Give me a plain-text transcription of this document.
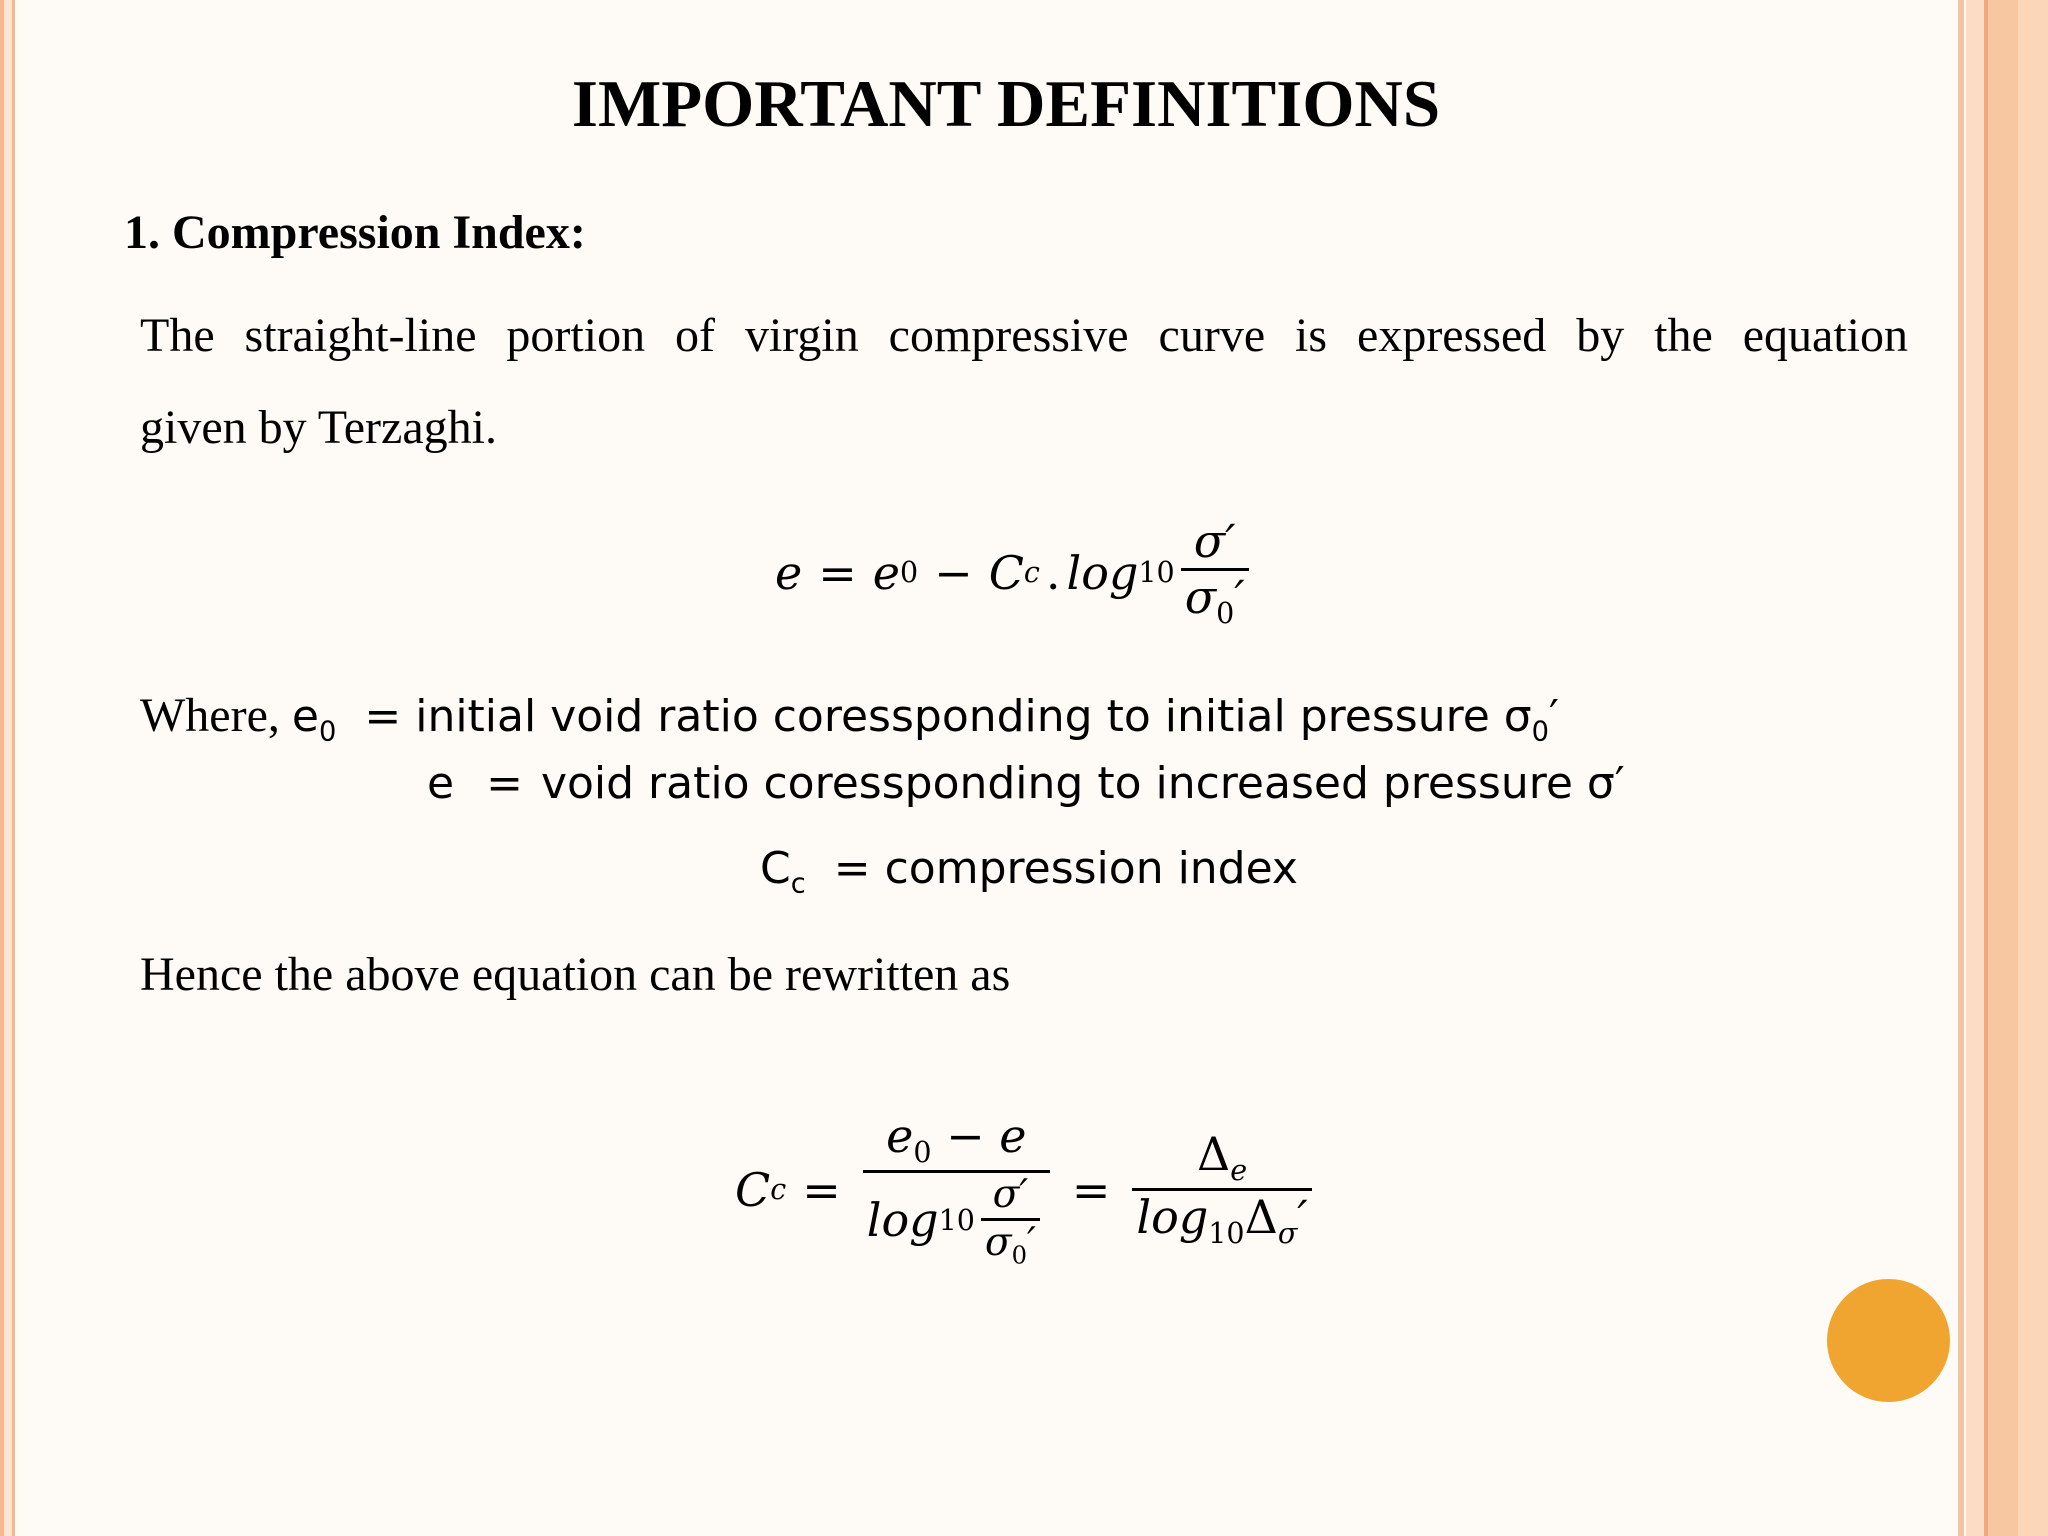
IMPORTANT DEFINITIONS
1. Compression Index:
The straight-line portion of virgin compressive curve is expressed by the equation
given by Terzaghi.
e = e 0 − C c . $\log 10 \frac{\sigma'}{\sigma_0'}$
Where, $e_0$ = initial void ratio coressponding to initial pressure $\sigma_0'$
e = void ratio coressponding to increased pressure σ′
$C_c$ = compression index
Hence the above equation can be rewritten as
C $c = \frac{e_0 - e}{\log 10 \frac{\sigma'}{\sigma_0'}} = \frac{\Delta_e}{\log_{10}\Delta_\sigma'}$
